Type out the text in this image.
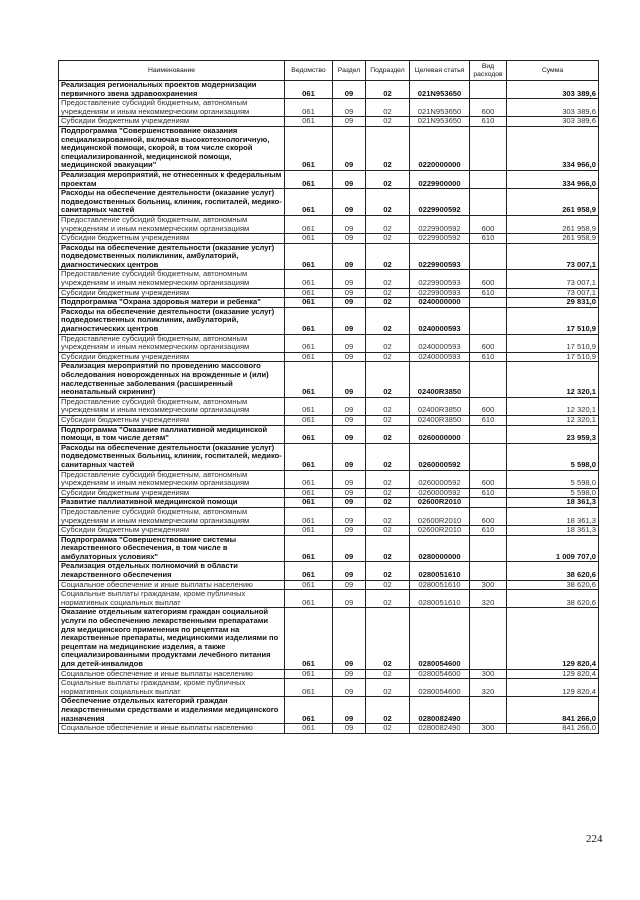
Наименование	Ведомство	Раздел	Подраздел	Целевая статья	Вид расходов	Сумма
Реализация региональных проектов модернизации первичного звена здравоохранения	061	09	02	021N953650		303 389,6
Предоставление субсидий бюджетным, автономным учреждениям и иным некоммерческим организациям	061	09	02	021N953650	600	303 389,6
Субсидии бюджетным учреждениям	061	09	02	021N953650	610	303 389,6
Подпрограмма "Совершенствование оказания специализированной, включая высокотехнологичную, медицинской помощи, скорой, в том числе скорой специализированной, медицинской помощи, медицинской эвакуации"	061	09	02	0220000000		334 966,0
Реализация мероприятий, не отнесенных к федеральным проектам	061	09	02	0229900000		334 966,0
Расходы на обеспечение деятельности (оказание услуг) подведомственных больниц, клиник, госпиталей, медико-санитарных частей	061	09	02	0229900592		261 958,9
Предоставление субсидий бюджетным, автономным учреждениям и иным некоммерческим организациям	061	09	02	0229900592	600	261 958,9
Субсидии бюджетным учреждениям	061	09	02	0229900592	610	261 958,9
Расходы на обеспечение деятельности (оказание услуг) подведомственных поликлиник, амбулаторий, диагностических центров	061	09	02	0229900593		73 007,1
Предоставление субсидий бюджетным, автономным учреждениям и иным некоммерческим организациям	061	09	02	0229900593	600	73 007,1
Субсидии бюджетным учреждениям	061	09	02	0229900593	610	73 007,1
Подпрограмма "Охрана здоровья матери и ребенка"	061	09	02	0240000000		29 831,0
Расходы на обеспечение деятельности (оказание услуг) подведомственных поликлиник, амбулаторий, диагностических центров	061	09	02	0240000593		17 510,9
Предоставление субсидий бюджетным, автономным учреждениям и иным некоммерческим организациям	061	09	02	0240000593	600	17 510,9
Субсидии бюджетным учреждениям	061	09	02	0240000593	610	17 510,9
Реализация мероприятий по проведению массового обследования новорожденных на врожденные и (или) наследственные заболевания (расширенный неонатальный скрининг)	061	09	02	02400R3850		12 320,1
Предоставление субсидий бюджетным, автономным учреждениям и иным некоммерческим организациям	061	09	02	02400R3850	600	12 320,1
Субсидии бюджетным учреждениям	061	09	02	02400R3850	610	12 320,1
Подпрограмма "Оказание паллиативной медицинской помощи, в том числе детям"	061	09	02	0260000000		23 959,3
Расходы на обеспечение деятельности (оказание услуг) подведомственных больниц, клиник, госпиталей, медико-санитарных частей	061	09	02	0260000592		5 598,0
Предоставление субсидий бюджетным, автономным учреждениям и иным некоммерческим организациям	061	09	02	0260000592	600	5 598,0
Субсидии бюджетным учреждениям	061	09	02	0260000592	610	5 598,0
Развитие паллиативной медицинской помощи	061	09	02	02600R2010		18 361,3
Предоставление субсидий бюджетным, автономным учреждениям и иным некоммерческим организациям	061	09	02	02600R2010	600	18 361,3
Субсидии бюджетным учреждениям	061	09	02	02600R2010	610	18 361,3
Подпрограмма "Совершенствование системы лекарственного обеспечения, в том числе в амбулаторных условиях"	061	09	02	0280000000		1 009 707,0
Реализация отдельных полномочий в области лекарственного обеспечения	061	09	02	0280051610		38 620,6
Социальное обеспечение и иные выплаты населению	061	09	02	0280051610	300	38 620,6
Социальные выплаты гражданам, кроме публичных нормативных социальных выплат	061	09	02	0280051610	320	38 620,6
Оказание отдельным категориям граждан социальной услуги по обеспечению лекарственными препаратами для медицинского применения по рецептам на лекарственные препараты, медицинскими изделиями по рецептам на медицинские изделия, а также специализированными продуктами лечебного питания для детей-инвалидов	061	09	02	0280054600		129 820,4
Социальное обеспечение и иные выплаты населению	061	09	02	0280054600	300	129 820,4
Социальные выплаты гражданам, кроме публичных нормативных социальных выплат	061	09	02	0280054600	320	129 820,4
Обеспечение отдельных категорий граждан лекарственными средствами и изделиями медицинского назначения	061	09	02	0280082490		841 266,0
Социальное обеспечение и иные выплаты населению	061	09	02	0280082490	300	841 266,0
224
